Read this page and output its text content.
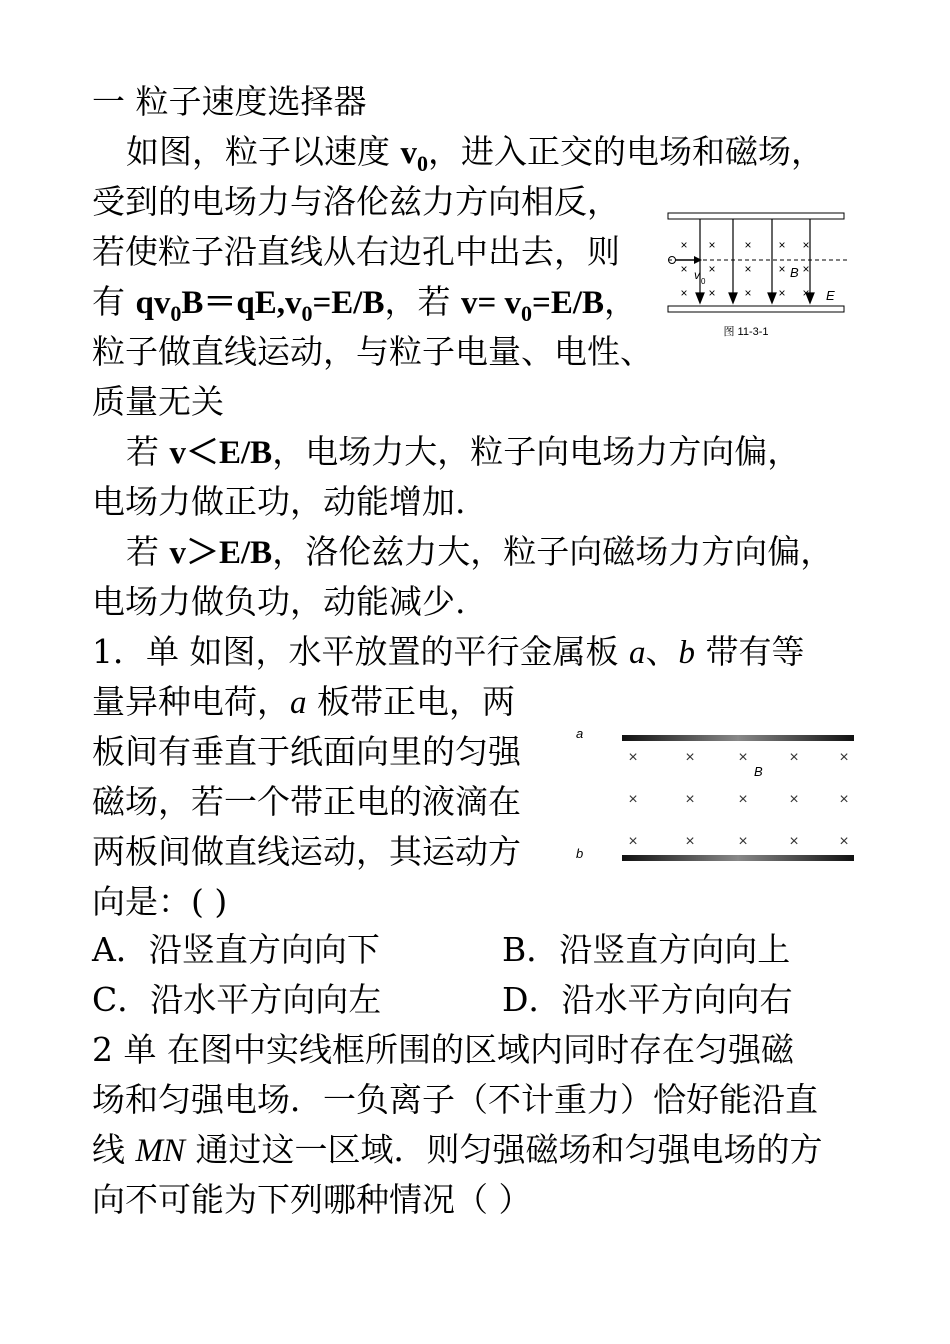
一 粒子速度选择器
如图，粒子以速度 $v_0$，进入正交的电场和磁场，
受到的电场力与洛伦兹力方向相反，
若使粒子沿直线从右边孔中出去，则
有 $qv_0B=qE,v_0=E/B$，若 $v= v_0=E/B$，
粒子做直线运动，与粒子电量、电性、
质量无关
若 v＜E/B，电场力大，粒子向电场力方向偏，
电场力做正功，动能增加.
若 v＞E/B，洛伦兹力大，粒子向磁场力方向偏，
电场力做负功，动能减少.
1．单 如图，水平放置的平行金属板 a、b 带有等
量异种电荷，a 板带正电，两
板间有垂直于纸面向里的匀强
磁场，若一个带正电的液滴在
两板间做直线运动，其运动方
向是：( )
A．沿竖直方向向下	B．沿竖直方向向上
C．沿水平方向向左	D．沿水平方向向右
2 单 在图中实线框所围的区域内同时存在匀强磁
场和匀强电场．一负离子（不计重力）恰好能沿直
线 MN 通过这一区域．则匀强磁场和匀强电场的方
向不可能为下列哪种情况（ ）
× × × × ×
× × × × ×
× × × × ×
v 0
B
E
图 11-3-1
a
b
×	×	×	×	×
×	×	×	×	×
×	×	×	×	×
B
